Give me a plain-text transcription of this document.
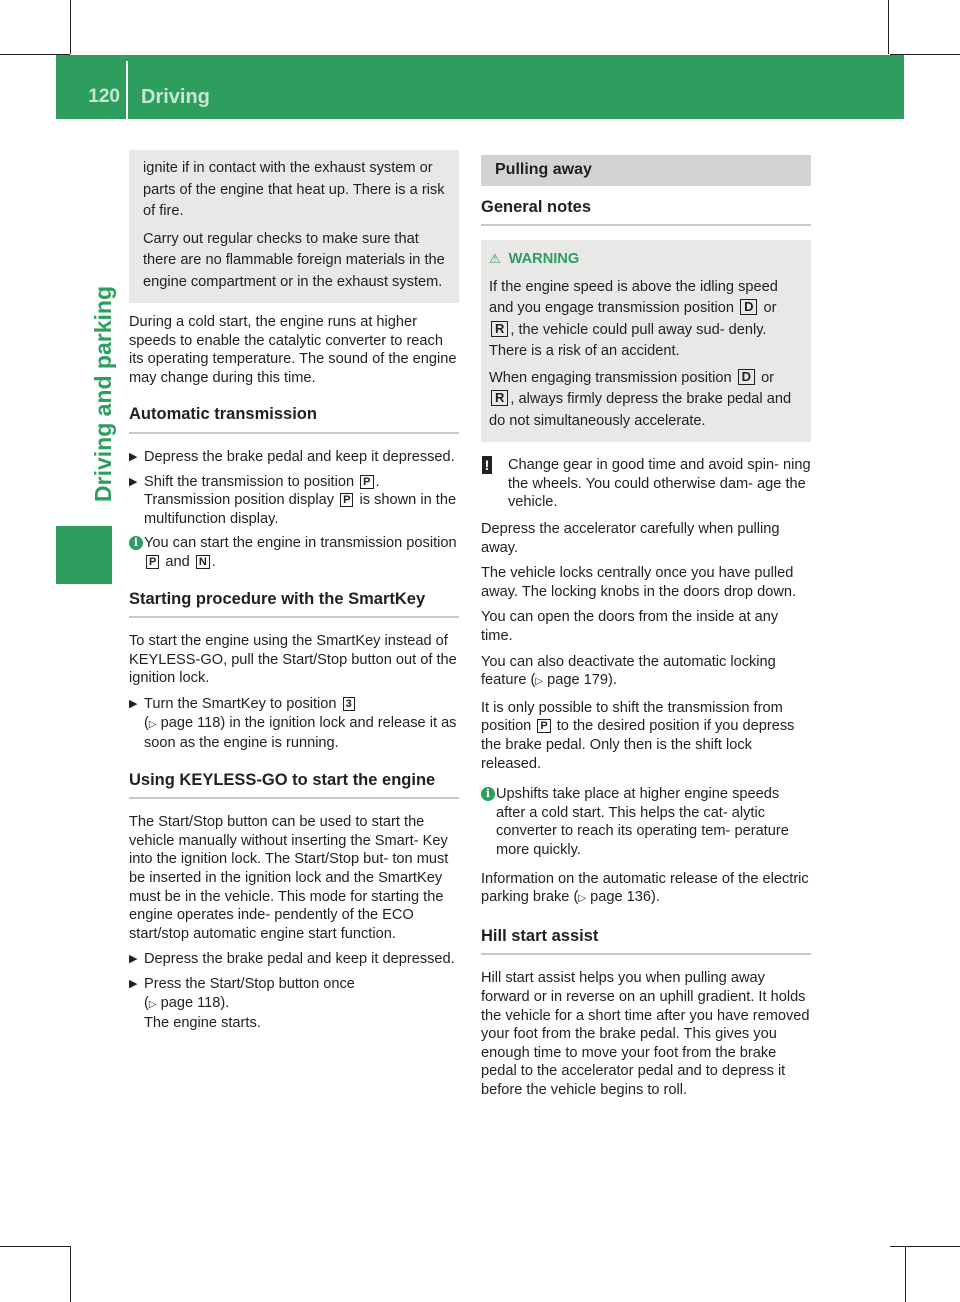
120 Driving
Driving and parking

ignite if in contact with the exhaust system or parts of the engine that heat up. There is a risk of fire.

Carry out regular checks to make sure that there are no flammable foreign materials in the engine compartment or in the exhaust system.

During a cold start, the engine runs at higher speeds to enable the catalytic converter to reach its operating temperature. The sound of the engine may change during this time.

Automatic transmission
▶ Depress the brake pedal and keep it depressed.
▶ Shift the transmission to position P .
Transmission position display P is shown in the multifunction display.
i You can start the engine in transmission position P and N .
Starting procedure with the SmartKey

To start the engine using the SmartKey instead of KEYLESS-GO, pull the Start/Stop button out of the ignition lock.

▶ Turn the SmartKey to position 3
(▷ page 118) in the ignition lock and release it as soon as the engine is running.
Using KEYLESS-GO to start the engine

The Start/Stop button can be used to start the vehicle manually without inserting the Smart- Key into the ignition lock. The Start/Stop but- ton must be inserted in the ignition lock and the SmartKey must be in the vehicle. This mode for starting the engine operates inde- pendently of the ECO start/stop automatic engine start function.

▶ Depress the brake pedal and keep it depressed.
▶ Press the Start/Stop button once
(▷ page 118).
The engine starts.
Pulling away
General notes
⚠ WARNING

If the engine speed is above the idling speed and you engage transmission position D or R , the vehicle could pull away sud- denly. There is a risk of an accident.

When engaging transmission position D or R , always firmly depress the brake pedal and do not simultaneously accelerate.

! Change gear in good time and avoid spin- ning the wheels. You could otherwise dam- age the vehicle.

Depress the accelerator carefully when pulling away.

The vehicle locks centrally once you have pulled away. The locking knobs in the doors drop down.

You can open the doors from the inside at any time.

You can also deactivate the automatic locking feature (▷ page 179).

It is only possible to shift the transmission from position P to the desired position if you depress the brake pedal. Only then is the shift lock released.

i Upshifts take place at higher engine speeds after a cold start. This helps the cat- alytic converter to reach its operating tem- perature more quickly.

Information on the automatic release of the electric parking brake (▷ page 136).

Hill start assist

Hill start assist helps you when pulling away forward or in reverse on an uphill gradient. It holds the vehicle for a short time after you have removed your foot from the brake pedal. This gives you enough time to move your foot from the brake pedal to the accelerator pedal and to depress it before the vehicle begins to roll.
